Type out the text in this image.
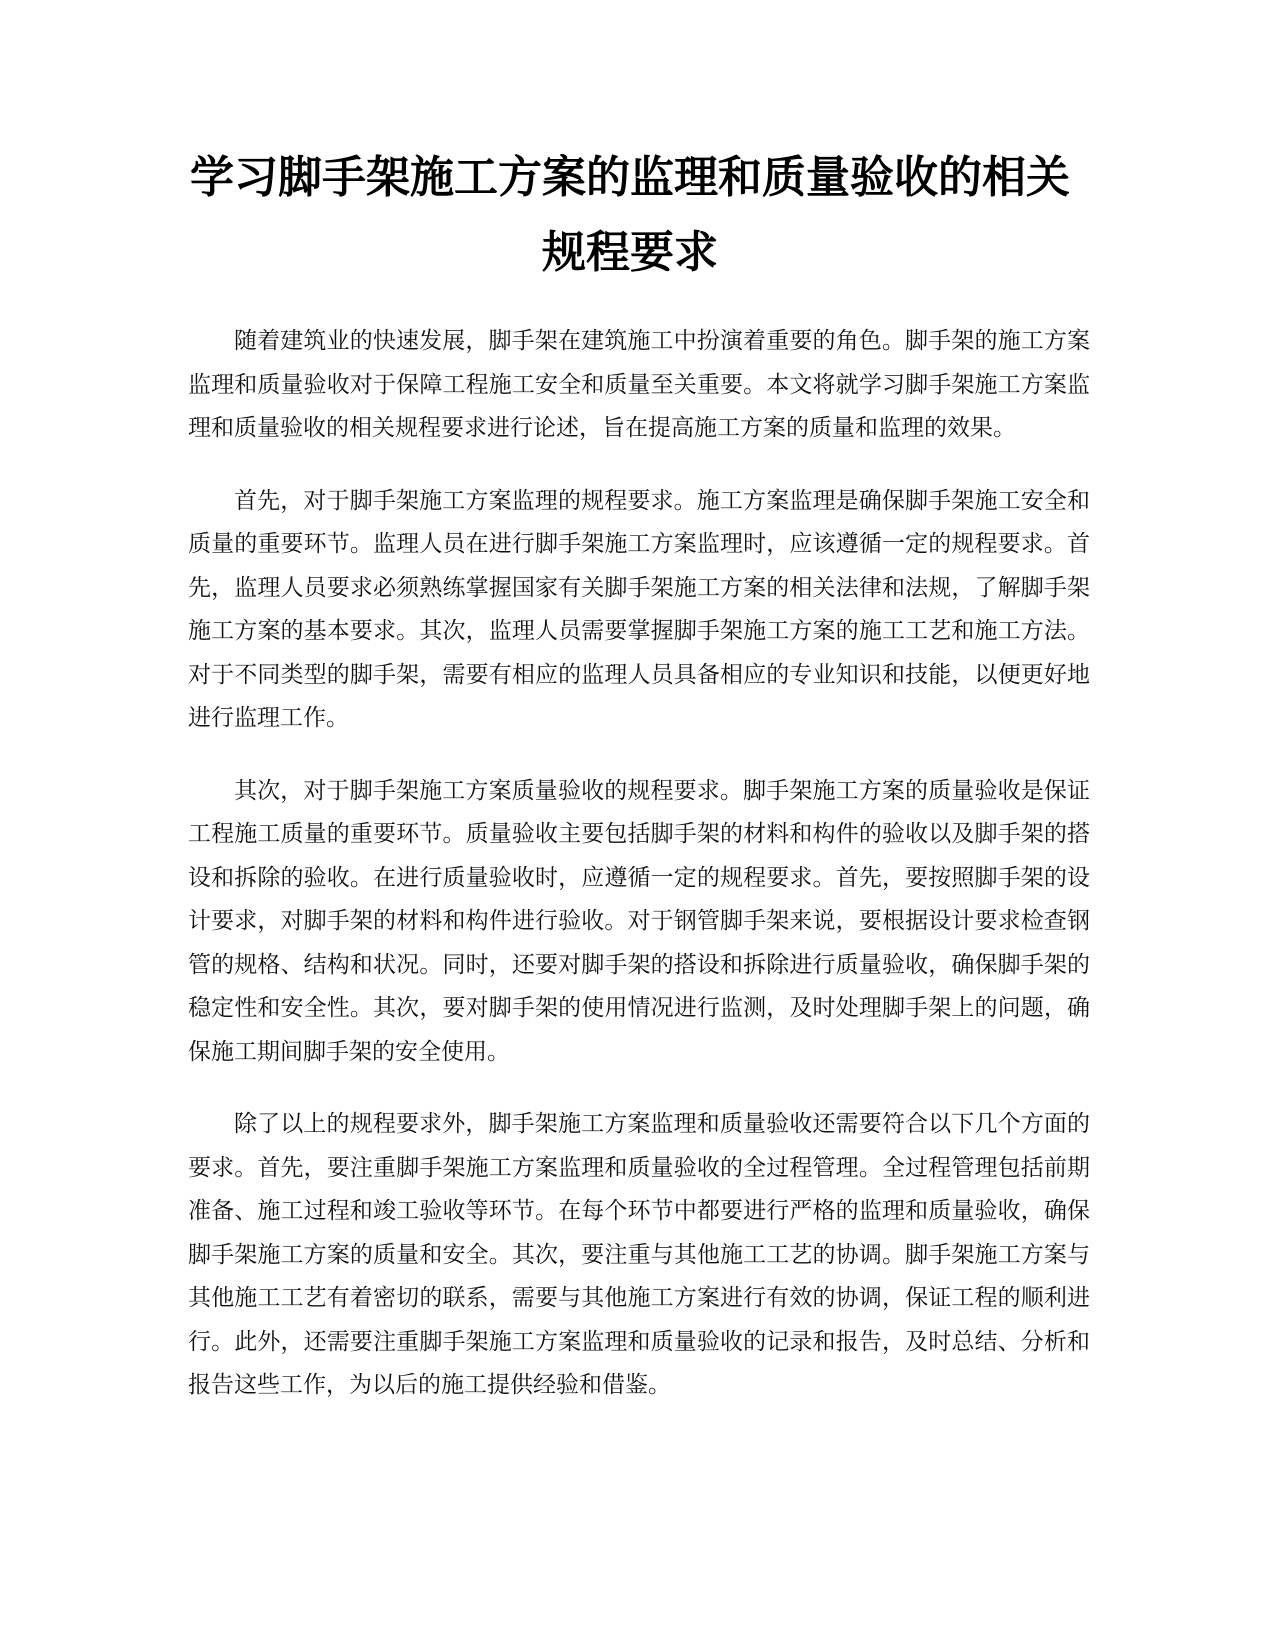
学习脚手架施工方案的监理和质量验收的相关规程要求

随着建筑业的快速发展，脚手架在建筑施工中扮演着重要的角色。脚手架的施工方案监理和质量验收对于保障工程施工安全和质量至关重要。本文将就学习脚手架施工方案监理和质量验收的相关规程要求进行论述，旨在提高施工方案的质量和监理的效果。

首先，对于脚手架施工方案监理的规程要求。施工方案监理是确保脚手架施工安全和质量的重要环节。监理人员在进行脚手架施工方案监理时，应该遵循一定的规程要求。首先，监理人员要求必须熟练掌握国家有关脚手架施工方案的相关法律和法规，了解脚手架施工方案的基本要求。其次，监理人员需要掌握脚手架施工方案的施工工艺和施工方法。对于不同类型的脚手架，需要有相应的监理人员具备相应的专业知识和技能，以便更好地进行监理工作。

其次，对于脚手架施工方案质量验收的规程要求。脚手架施工方案的质量验收是保证工程施工质量的重要环节。质量验收主要包括脚手架的材料和构件的验收以及脚手架的搭设和拆除的验收。在进行质量验收时，应遵循一定的规程要求。首先，要按照脚手架的设计要求，对脚手架的材料和构件进行验收。对于钢管脚手架来说，要根据设计要求检查钢管的规格、结构和状况。同时，还要对脚手架的搭设和拆除进行质量验收，确保脚手架的稳定性和安全性。其次，要对脚手架的使用情况进行监测，及时处理脚手架上的问题，确保施工期间脚手架的安全使用。

除了以上的规程要求外，脚手架施工方案监理和质量验收还需要符合以下几个方面的要求。首先，要注重脚手架施工方案监理和质量验收的全过程管理。全过程管理包括前期准备、施工过程和竣工验收等环节。在每个环节中都要进行严格的监理和质量验收，确保脚手架施工方案的质量和安全。其次，要注重与其他施工工艺的协调。脚手架施工方案与其他施工工艺有着密切的联系，需要与其他施工方案进行有效的协调，保证工程的顺利进行。此外，还需要注重脚手架施工方案监理和质量验收的记录和报告，及时总结、分析和报告这些工作，为以后的施工提供经验和借鉴。
